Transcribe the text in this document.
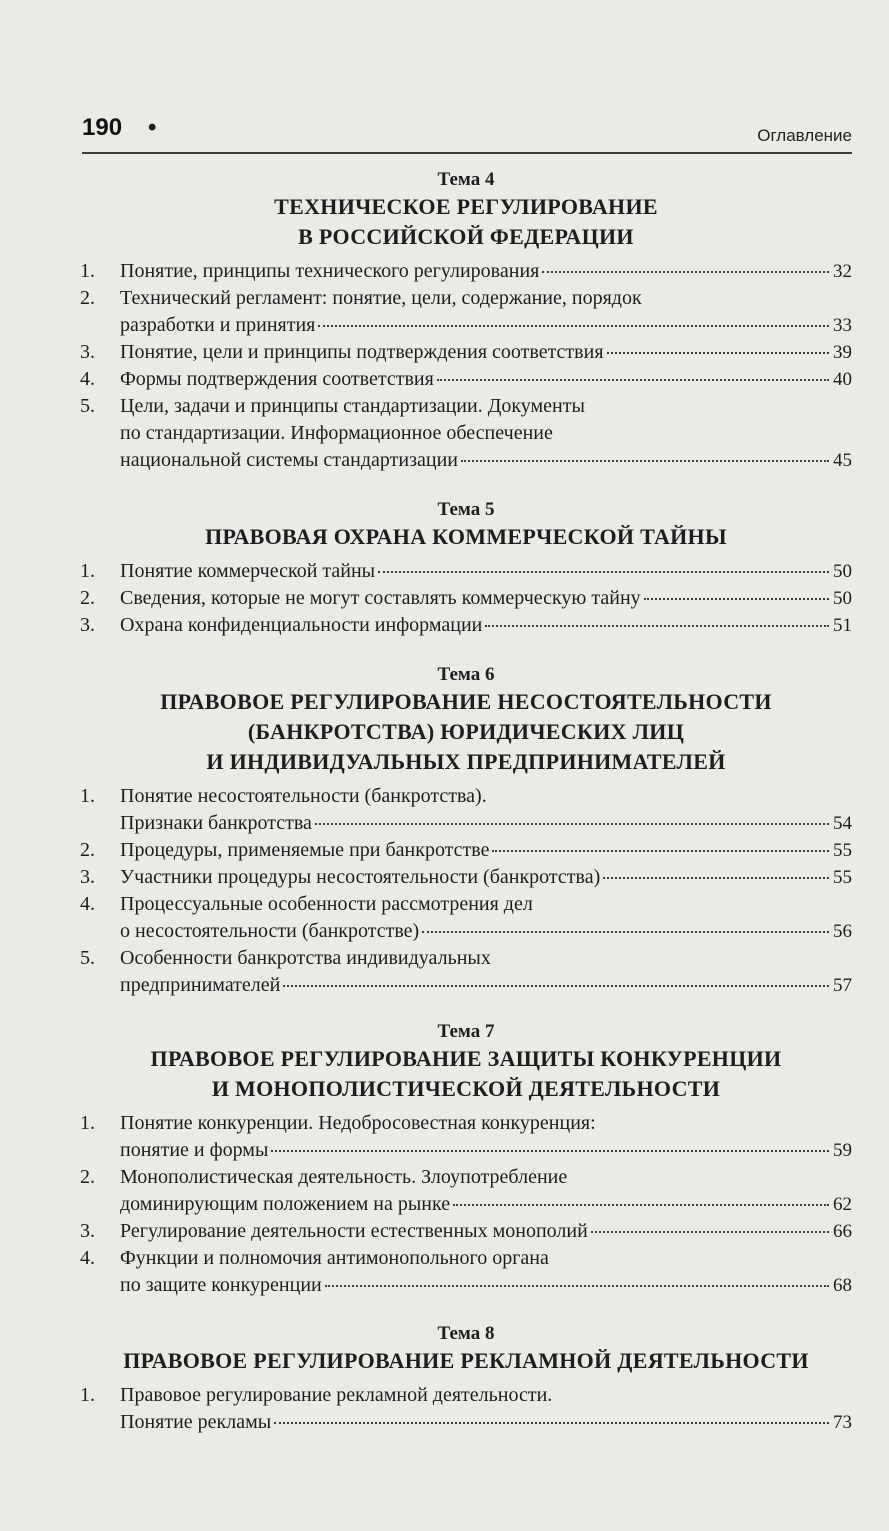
190 •	Оглавление

Тема 4

ТЕХНИЧЕСКОЕ РЕГУЛИРОВАНИЕ

В РОССИЙСКОЙ ФЕДЕРАЦИИ

1. Понятие, принципы технического регулирования	32
2. Технический регламент: понятие, цели, содержание, порядок
разработки и принятия	33
3. Понятие, цели и принципы подтверждения соответствия	39
4. Формы подтверждения соответствия	40
5. Цели, задачи и принципы стандартизации. Документы
по стандартизации. Информационное обеспечение
национальной системы стандартизации	45

Тема 5

ПРАВОВАЯ ОХРАНА КОММЕРЧЕСКОЙ ТАЙНЫ

1. Понятие коммерческой тайны	50
2. Сведения, которые не могут составлять коммерческую тайну	50
3. Охрана конфиденциальности информации	51

Тема 6

ПРАВОВОЕ РЕГУЛИРОВАНИЕ НЕСОСТОЯТЕЛЬНОСТИ

(БАНКРОТСТВА) ЮРИДИЧЕСКИХ ЛИЦ

И ИНДИВИДУАЛЬНЫХ ПРЕДПРИНИМАТЕЛЕЙ

1. Понятие несостоятельности (банкротства).
Признаки банкротства	54
2. Процедуры, применяемые при банкротстве	55
3. Участники процедуры несостоятельности (банкротства)	55
4. Процессуальные особенности рассмотрения дел
о несостоятельности (банкротстве)	56
5. Особенности банкротства индивидуальных
предпринимателей	57

Тема 7

ПРАВОВОЕ РЕГУЛИРОВАНИЕ ЗАЩИТЫ КОНКУРЕНЦИИ

И МОНОПОЛИСТИЧЕСКОЙ ДЕЯТЕЛЬНОСТИ

1. Понятие конкуренции. Недобросовестная конкуренция:
понятие и формы	59
2. Монополистическая деятельность. Злоупотребление
доминирующим положением на рынке	62
3. Регулирование деятельности естественных монополий	66
4. Функции и полномочия антимонопольного органа
по защите конкуренции	68

Тема 8

ПРАВОВОЕ РЕГУЛИРОВАНИЕ РЕКЛАМНОЙ ДЕЯТЕЛЬНОСТИ

1. Правовое регулирование рекламной деятельности.
Понятие рекламы	73
